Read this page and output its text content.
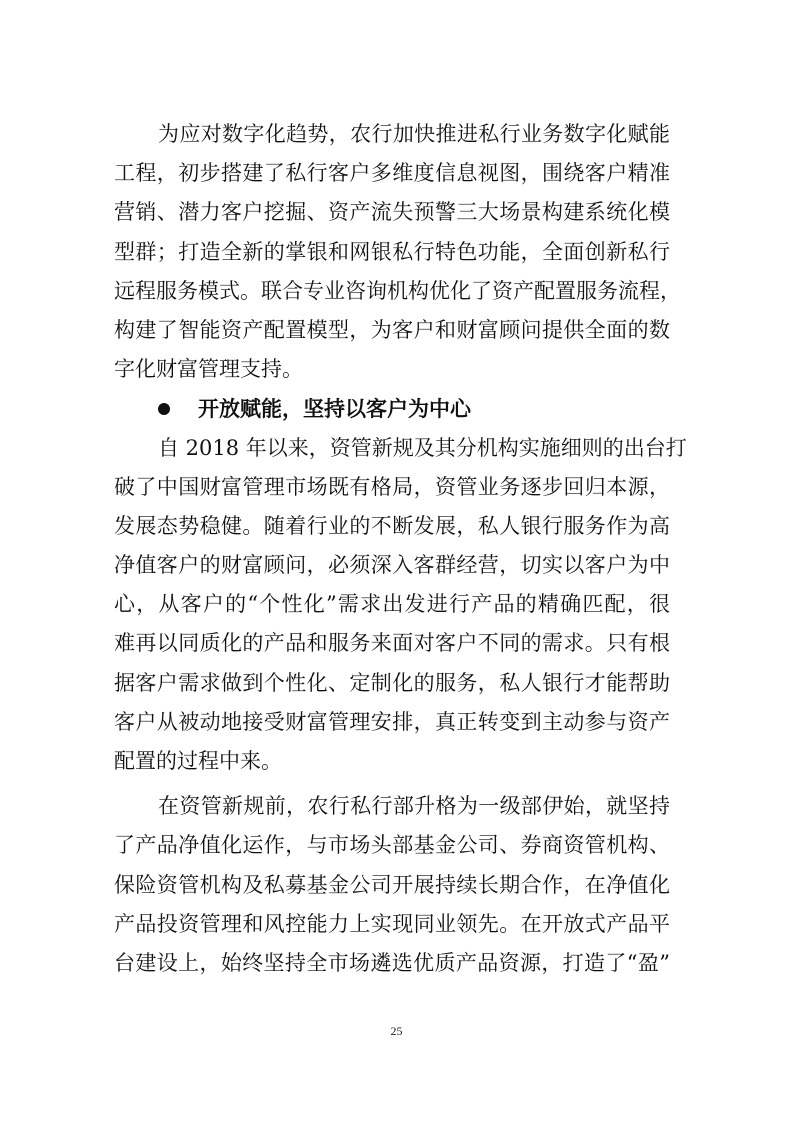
为应对数字化趋势，农行加快推进私行业务数字化赋能
工程，初步搭建了私行客户多维度信息视图，围绕客户精准
营销、潜力客户挖掘、资产流失预警三大场景构建系统化模
型群；打造全新的掌银和网银私行特色功能，全面创新私行
远程服务模式。联合专业咨询机构优化了资产配置服务流程，
构建了智能资产配置模型，为客户和财富顾问提供全面的数
字化财富管理支持。
开放赋能，坚持以客户为中心
自 2018 年以来，资管新规及其分机构实施细则的出台打
破了中国财富管理市场既有格局，资管业务逐步回归本源，
发展态势稳健。随着行业的不断发展，私人银行服务作为高
净值客户的财富顾问，必须深入客群经营，切实以客户为中
心，从客户的“个性化”需求出发进行产品的精确匹配，很
难再以同质化的产品和服务来面对客户不同的需求。只有根
据客户需求做到个性化、定制化的服务，私人银行才能帮助
客户从被动地接受财富管理安排，真正转变到主动参与资产
配置的过程中来。
在资管新规前，农行私行部升格为一级部伊始，就坚持
了产品净值化运作，与市场头部基金公司、券商资管机构、
保险资管机构及私募基金公司开展持续长期合作，在净值化
产品投资管理和风控能力上实现同业领先。在开放式产品平
台建设上，始终坚持全市场遴选优质产品资源，打造了“盈”
25
